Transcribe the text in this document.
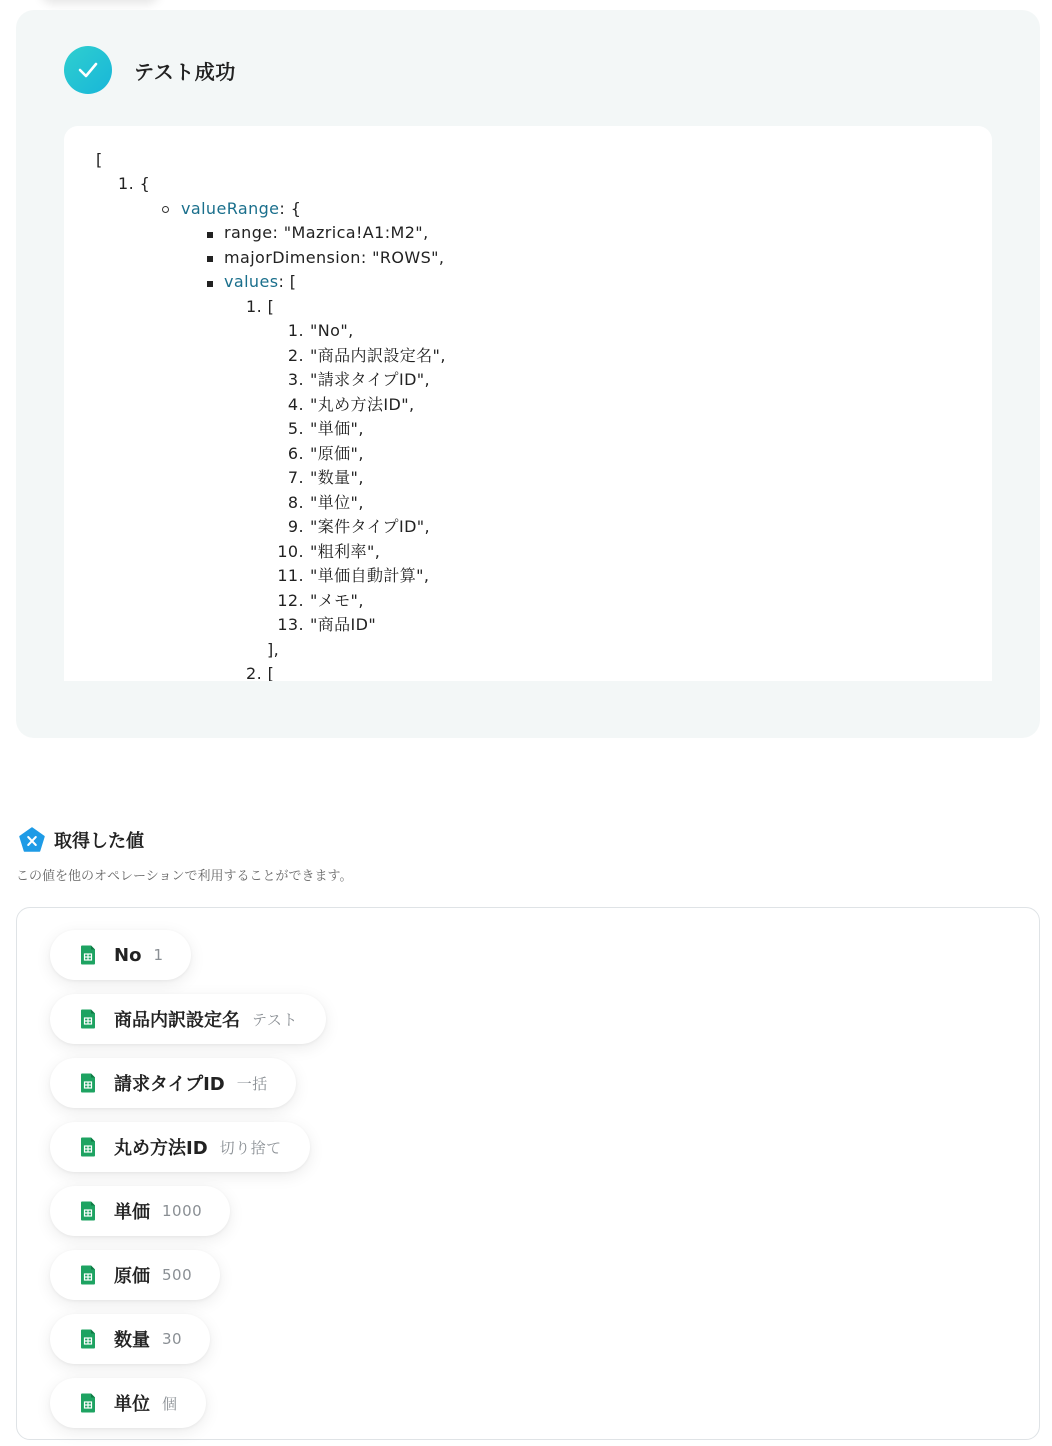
テスト成功
[
1. {
valueRange: {
range: "Mazrica!A1:M2",
majorDimension: "ROWS",
values: [
1. [
1. "No",
2. "商品内訳設定名",
3. "請求タイプID",
4. "丸め方法ID",
5. "単価",
6. "原価",
7. "数量",
8. "単位",
9. "案件タイプID",
10. "粗利率",
11. "単価自動計算",
12. "メモ",
13. "商品ID"
],
2. [
取得した値
この値を他のオペレーションで利用することができます。
No 1
商品内訳設定名 テスト
請求タイプID 一括
丸め方法ID 切り捨て
単価 1000
原価 500
数量 30
単位 個
